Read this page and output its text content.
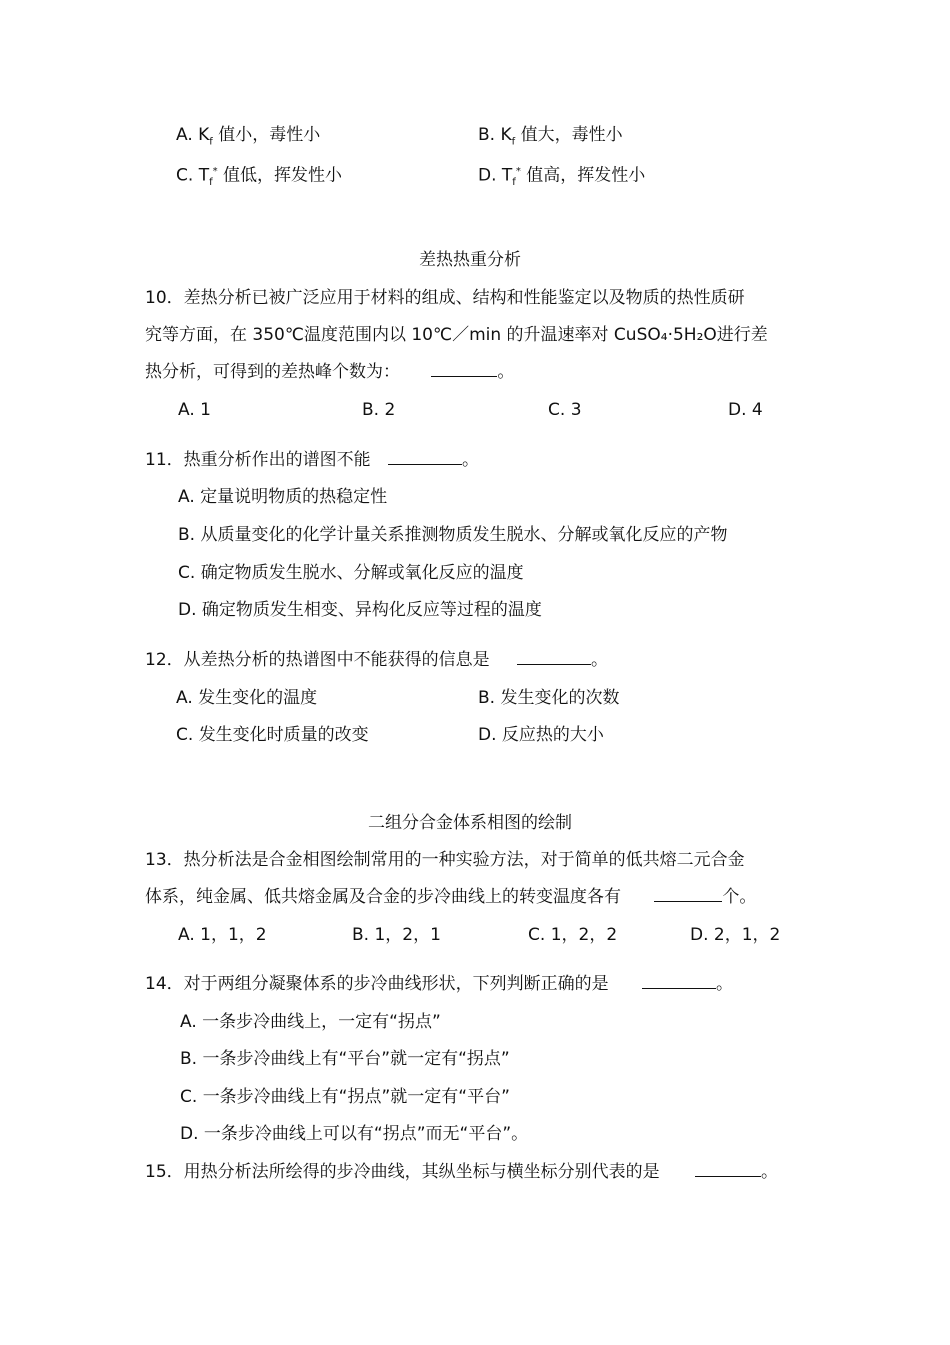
A. $K_f$ 值小，毒性小	B. $K_f$ 值大，毒性小
C. $T_f^*$ 值低，挥发性小	D. $T_f^*$ 值高，挥发性小
差热热重分析
10．差热分析已被广泛应用于材料的组成、结构和性能鉴定以及物质的热性质研
究等方面，在 350℃温度范围内以 10℃／min 的升温速率对 CuSO₄·5H₂O进行差
热分析，可得到的差热峰个数为：	。
A. 1	B. 2	C. 3	D. 4
11．热重分析作出的谱图不能	。
A. 定量说明物质的热稳定性
B. 从质量变化的化学计量关系推测物质发生脱水、分解或氧化反应的产物
C. 确定物质发生脱水、分解或氧化反应的温度
D. 确定物质发生相变、异构化反应等过程的温度
12．从差热分析的热谱图中不能获得的信息是	。
A. 发生变化的温度	B. 发生变化的次数
C. 发生变化时质量的改变	D. 反应热的大小
二组分合金体系相图的绘制
13．热分析法是合金相图绘制常用的一种实验方法，对于简单的低共熔二元合金
体系，纯金属、低共熔金属及合金的步冷曲线上的转变温度各有	个。
A. 1，1，2	B. 1，2，1	C. 1，2，2	D. 2，1，2
14．对于两组分凝聚体系的步冷曲线形状，下列判断正确的是	。
A. 一条步冷曲线上，一定有“拐点”
B. 一条步冷曲线上有“平台”就一定有“拐点”
C. 一条步冷曲线上有“拐点”就一定有“平台”
D. 一条步冷曲线上可以有“拐点”而无“平台”。
15．用热分析法所绘得的步冷曲线，其纵坐标与横坐标分别代表的是	。
